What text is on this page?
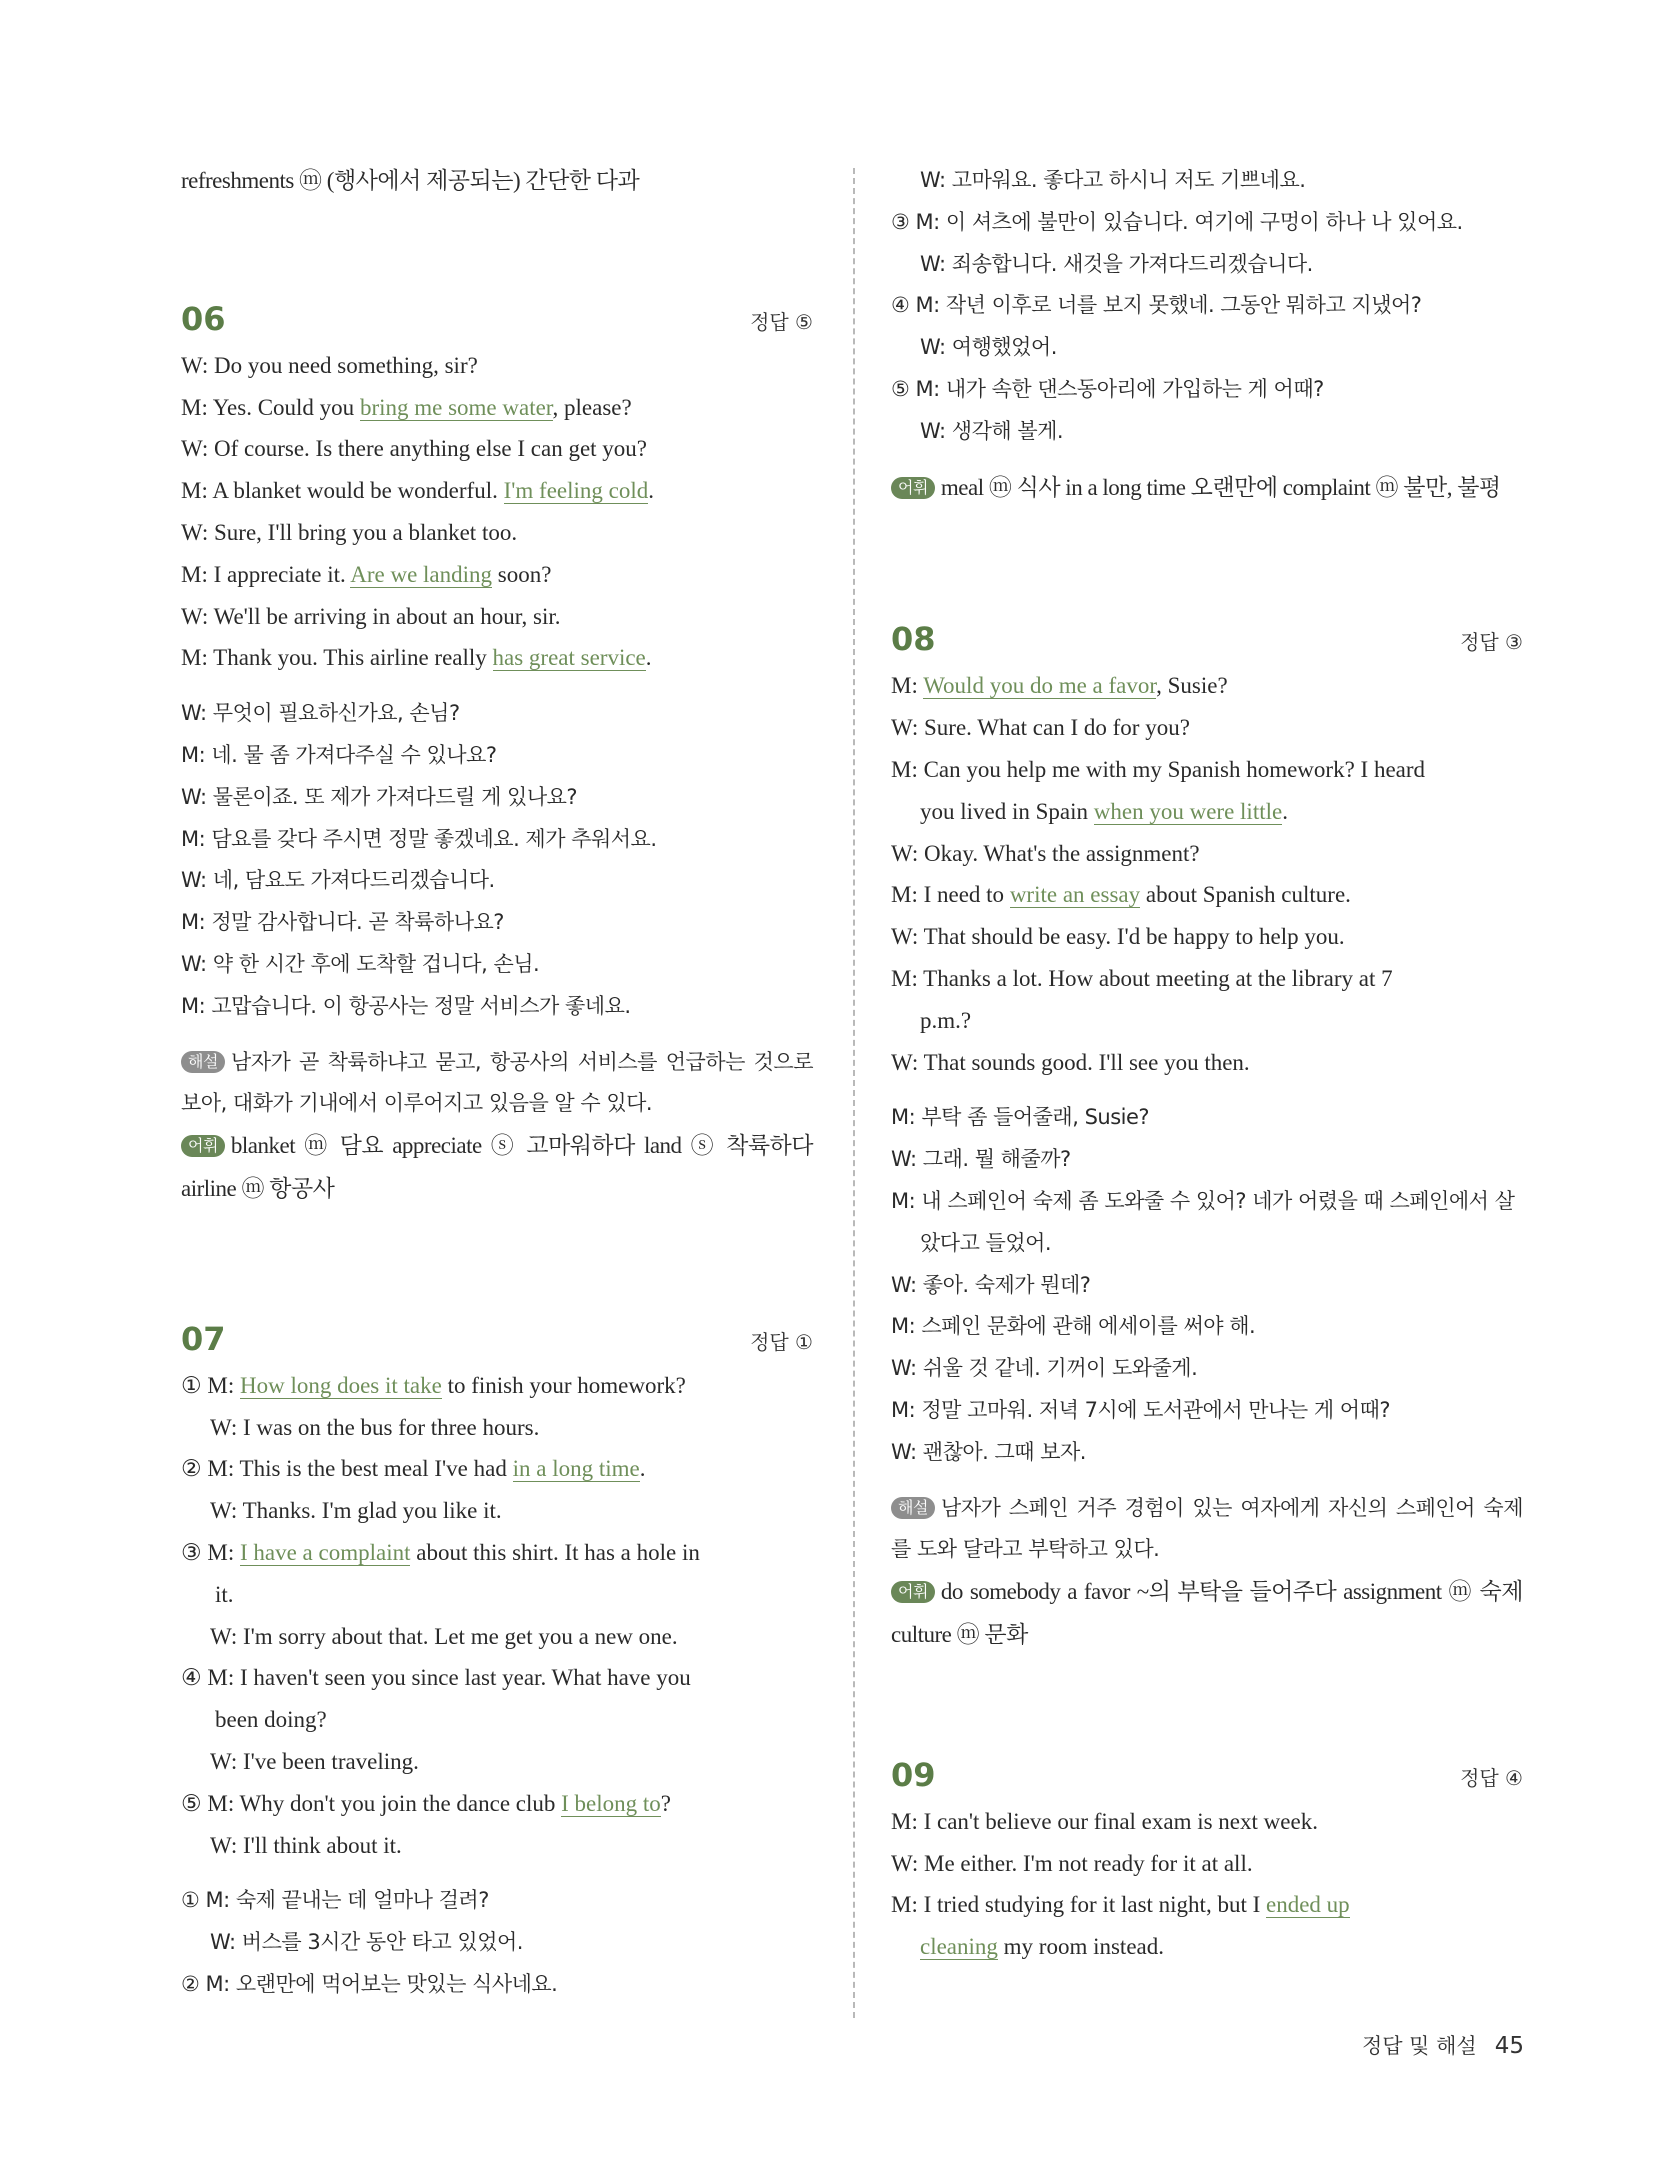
refreshments ⓜ (행사에서 제공되는) 간단한 다과
06	정답 ⑤
W: Do you need something, sir?
M: Yes. Could you bring me some water, please?
W: Of course. Is there anything else I can get you?
M: A blanket would be wonderful. I'm feeling cold.
W: Sure, I'll bring you a blanket too.
M: I appreciate it. Are we landing soon?
W: We'll be arriving in about an hour, sir.
M: Thank you. This airline really has great service.
W: 무엇이 필요하신가요, 손님?
M: 네. 물 좀 가져다주실 수 있나요?
W: 물론이죠. 또 제가 가져다드릴 게 있나요?
M: 담요를 갖다 주시면 정말 좋겠네요. 제가 추워서요.
W: 네, 담요도 가져다드리겠습니다.
M: 정말 감사합니다. 곧 착륙하나요?
W: 약 한 시간 후에 도착할 겁니다, 손님.
M: 고맙습니다. 이 항공사는 정말 서비스가 좋네요.
해설 남자가 곧 착륙하냐고 묻고, 항공사의 서비스를 언급하는 것으로 보아, 대화가 기내에서 이루어지고 있음을 알 수 있다.
어휘 blanket ⓜ 담요 appreciate ⓢ 고마워하다 land ⓢ 착륙하다 airline ⓜ 항공사
07	정답 ①
① M: How long does it take to finish your homework?
W: I was on the bus for three hours.
② M: This is the best meal I've had in a long time.
W: Thanks. I'm glad you like it.
③ M: I have a complaint about this shirt. It has a hole in
it.
W: I'm sorry about that. Let me get you a new one.
④ M: I haven't seen you since last year. What have you
been doing?
W: I've been traveling.
⑤ M: Why don't you join the dance club I belong to?
W: I'll think about it.
① M: 숙제 끝내는 데 얼마나 걸려?
W: 버스를 3시간 동안 타고 있었어.
② M: 오랜만에 먹어보는 맛있는 식사네요.
W: 고마워요. 좋다고 하시니 저도 기쁘네요.
③ M: 이 셔츠에 불만이 있습니다. 여기에 구멍이 하나 나 있어요.
W: 죄송합니다. 새것을 가져다드리겠습니다.
④ M: 작년 이후로 너를 보지 못했네. 그동안 뭐하고 지냈어?
W: 여행했었어.
⑤ M: 내가 속한 댄스동아리에 가입하는 게 어때?
W: 생각해 볼게.
어휘 meal ⓜ 식사 in a long time 오랜만에 complaint ⓜ 불만, 불평
08	정답 ③
M: Would you do me a favor, Susie?
W: Sure. What can I do for you?
M: Can you help me with my Spanish homework? I heard
you lived in Spain when you were little.
W: Okay. What's the assignment?
M: I need to write an essay about Spanish culture.
W: That should be easy. I'd be happy to help you.
M: Thanks a lot. How about meeting at the library at 7
p.m.?
W: That sounds good. I'll see you then.
M: 부탁 좀 들어줄래, Susie?
W: 그래. 뭘 해줄까?
M: 내 스페인어 숙제 좀 도와줄 수 있어? 네가 어렸을 때 스페인에서 살
았다고 들었어.
W: 좋아. 숙제가 뭔데?
M: 스페인 문화에 관해 에세이를 써야 해.
W: 쉬울 것 같네. 기꺼이 도와줄게.
M: 정말 고마워. 저녁 7시에 도서관에서 만나는 게 어때?
W: 괜찮아. 그때 보자.
해설 남자가 스페인 거주 경험이 있는 여자에게 자신의 스페인어 숙제를 도와 달라고 부탁하고 있다.
어휘 do somebody a favor ~의 부탁을 들어주다 assignment ⓜ 숙제 culture ⓜ 문화
09	정답 ④
M: I can't believe our final exam is next week.
W: Me either. I'm not ready for it at all.
M: I tried studying for it last night, but I ended up
cleaning my room instead.
정답 및 해설 45
